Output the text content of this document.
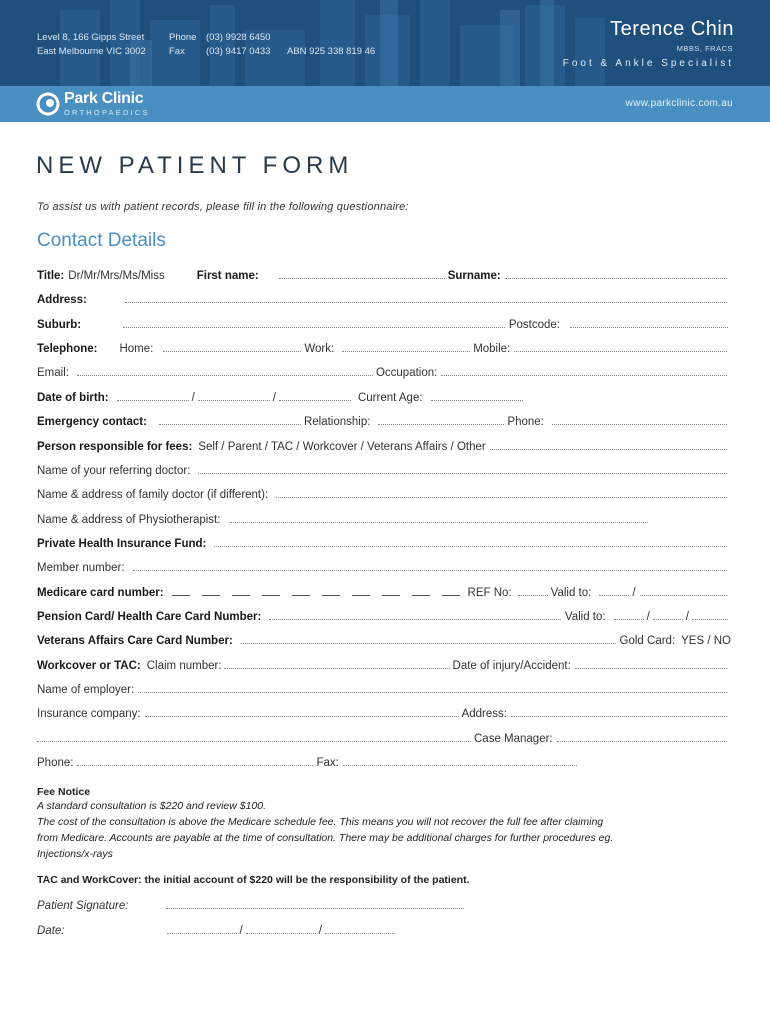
Level 8, 166 Gipps Street
East Melbourne VIC 3002
Phone
Fax
(03) 9928 6450
(03) 9417 0433 ABN 925 338 819 46
Terence Chin
MBBS, FRACS
Foot & Ankle Specialist
Park Clinic
ORTHOPAEDICS
www.parkclinic.com.au
NEW PATIENT FORM
To assist us with patient records, please fill in the following questionnaire:
Contact Details
Title: Dr/Mr/Mrs/Ms/Miss	First name:	Surname:
Address:
Suburb:	Postcode:
Telephone: Home:	Work:	Mobile:
Email:	Occupation:
Date of birth:	/	/	Current Age:
Emergency contact:	Relationship:	Phone:
Person responsible for fees: Self / Parent / TAC / Workcover / Veterans Affairs / Other
Name of your referring doctor:
Name & address of family doctor (if different):
Name & address of Physiotherapist:
Private Health Insurance Fund:
Member number:
Medicare card number:	REF No:	Valid to:	/
Pension Card/ Health Care Card Number:	Valid to:	/	/
Veterans Affairs Care Card Number:	Gold Card: YES / NO
Workcover or TAC: Claim number:	Date of injury/Accident:
Name of employer:
Insurance company:	Address:
Case Manager:
Phone:	Fax:
Fee Notice
A standard consultation is $220 and review $100.
The cost of the consultation is above the Medicare schedule fee. This means you will not recover the full fee after claiming
from Medicare. Accounts are payable at the time of consultation. There may be additional charges for further procedures eg.
Injections/x-rays
TAC and WorkCover: the initial account of $220 will be the responsibility of the patient.
Patient Signature:
Date:	/	/
